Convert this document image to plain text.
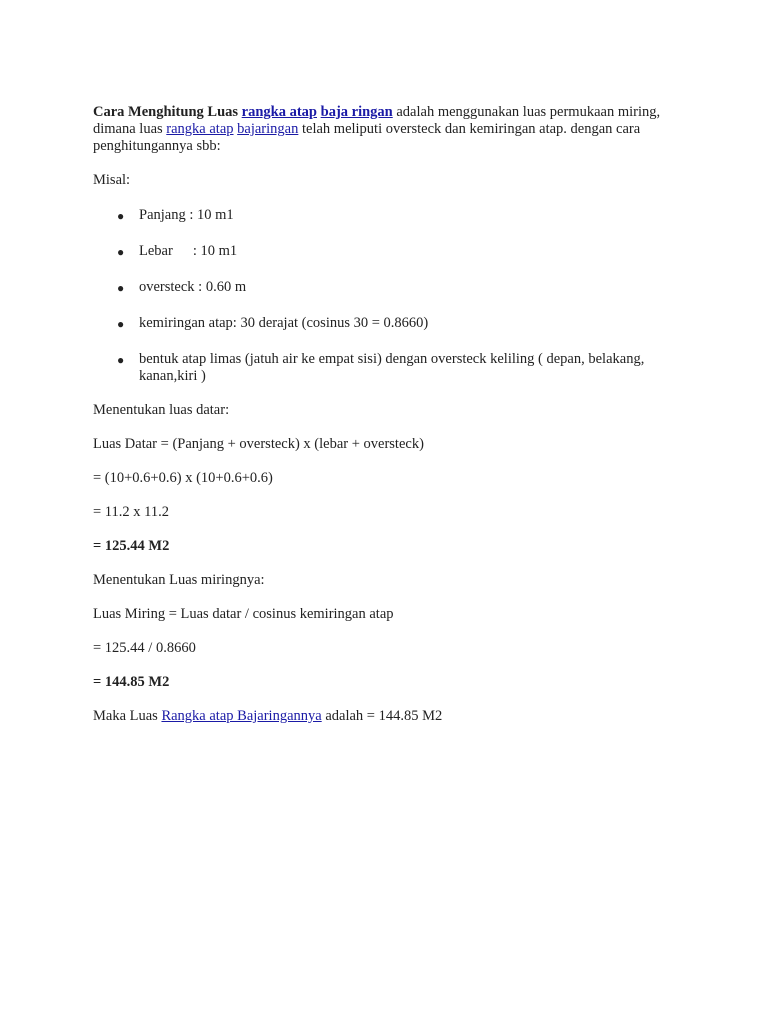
Cara Menghitung Luas rangka atap baja ringan adalah menggunakan luas permukaan miring, dimana luas rangka atap bajaringan telah meliputi oversteck dan kemiringan atap. dengan cara penghitungannya sbb:

Misal:

● Panjang : 10 m1
● Lebar : 10 m1
● oversteck : 0.60 m
● kemiringan atap: 30 derajat (cosinus 30 = 0.8660)
● bentuk atap limas (jatuh air ke empat sisi) dengan oversteck keliling ( depan, belakang, kanan,kiri )

Menentukan luas datar:

Luas Datar = (Panjang + oversteck) x (lebar + oversteck)

= (10+0.6+0.6) x (10+0.6+0.6)

= 11.2 x 11.2

= 125.44 M2

Menentukan Luas miringnya:

Luas Miring = Luas datar / cosinus kemiringan atap

= 125.44 / 0.8660

= 144.85 M2

Maka Luas Rangka atap Bajaringannya adalah = 144.85 M2
